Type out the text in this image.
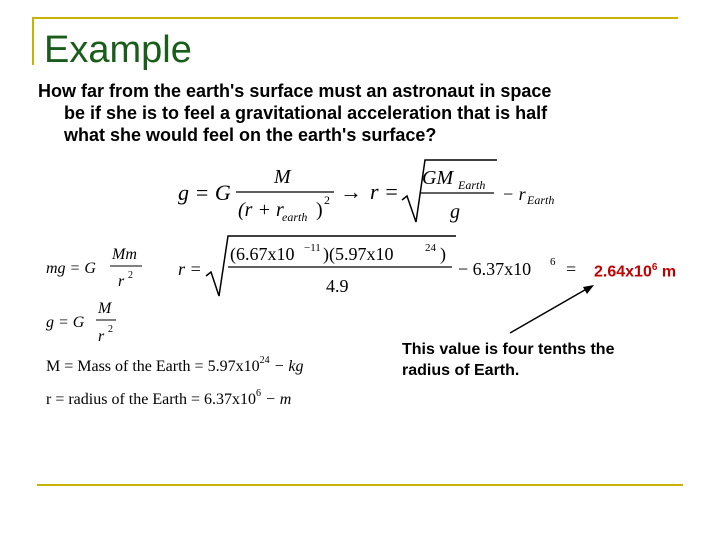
Example
How far from the earth's surface must an astronaut in space
be if she is to feel a gravitational acceleration that is half
what she would feel on the earth's surface?
g = G
M
(r + r
earth ) 2 → r =
GM Earth
g
− r Earth
mg = G
Mm
r 2	r =
(6.67x10 −11 )(5.97x10	24 )
4.9
− 6.37x10 6 =
g = G
M
r 2
M = Mass of the Earth = $5.97x10^{24}$ − kg
r = radius of the Earth = $6.37x10^6 - m$
$2.64x10^6$ m
This value is four tenths the radius of Earth.
